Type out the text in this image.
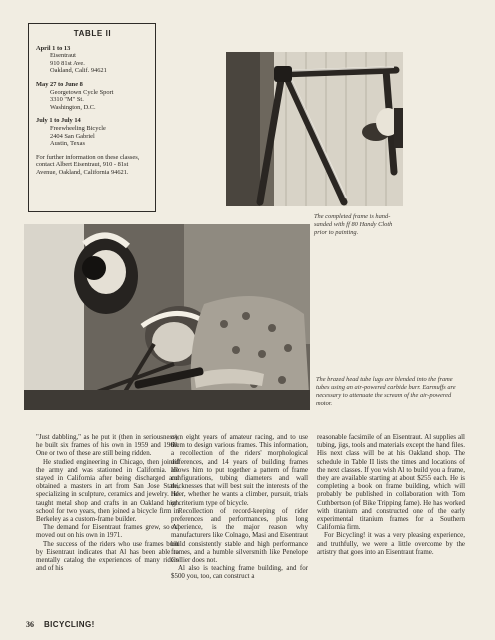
TABLE II
April 1 to 13
Eisentraut
910 81st Ave.
Oakland, Calif. 94621
May 27 to June 8
Georgetown Cycle Sport
3310 "M" St.
Washington, D.C.
July 1 to July 14
Freewheeling Bicycle
2404 San Gabriel
Austin, Texas
For further information on these classes, contact Albert Eisentraut, 910 - 81st Avenue, Oakland, California 94621.
The completed frame is hand-sanded with ff 80 Handy Cloth prior to painting.
The brazed head tube lugs are blended into the frame tubes using an air-powered carbide burr. Earmuffs are necessary to attenuate the scream of the air-powered motor.

"Just dabbling," as he put it (then in seriousness), he built six frames of his own in 1959 and 1960. One or two of these are still being ridden.

He studied engineering in Chicago, then joined the army and was stationed in California. He stayed in California after being discharged and obtained a masters in art from San Jose State, specializing in sculpture, ceramics and jewelry. He taught metal shop and crafts in an Oakland high school for two years, then joined a bicycle firm in Berkeley as a custom-frame builder.

The demand for Eisentraut frames grew, so Al moved out on his own in 1971.

The success of the riders who use frames built by Eisentraut indicates that Al has been able to mentally catalog the experiences of many riders and of his

own eight years of amateur racing, and to use them to design various frames. This information, a recollection of the riders' morphological differences, and 14 years of building frames allows him to put together a pattern of frame configurations, tubing diameters and wall thicknesses that will best suit the interests of the rider, whether he wants a climber, pursuit, trials or criterium type of bicycle.

Recollection of record-keeping of rider preferences and performances, plus long experience, is the major reason why manufacturers like Colnago, Masi and Eisentraut build consistently stable and high performance frames, and a humble silversmith like Penelope Collier does not.

Al also is teaching frame building, and for $500 you, too, can construct a

reasonable facsimile of an Eisentraut. Al supplies all tubing, jigs, tools and materials except the hand files. His next class will be at his Oakland shop. The schedule in Table II lists the times and locations of the next classes. If you wish Al to build you a frame, they are available starting at about $255 each. He is completing a book on frame building, which will probably be published in collaboration with Tom Cuthbertson (of Bike Tripping fame). He has worked with titanium and constructed one of the early experimental titanium frames for a Southern California firm.

For Bicycling! it was a very pleasing experience, and truthfully, we were a little overcome by the artistry that goes into an Eisentraut frame.

36 BICYCLING!
